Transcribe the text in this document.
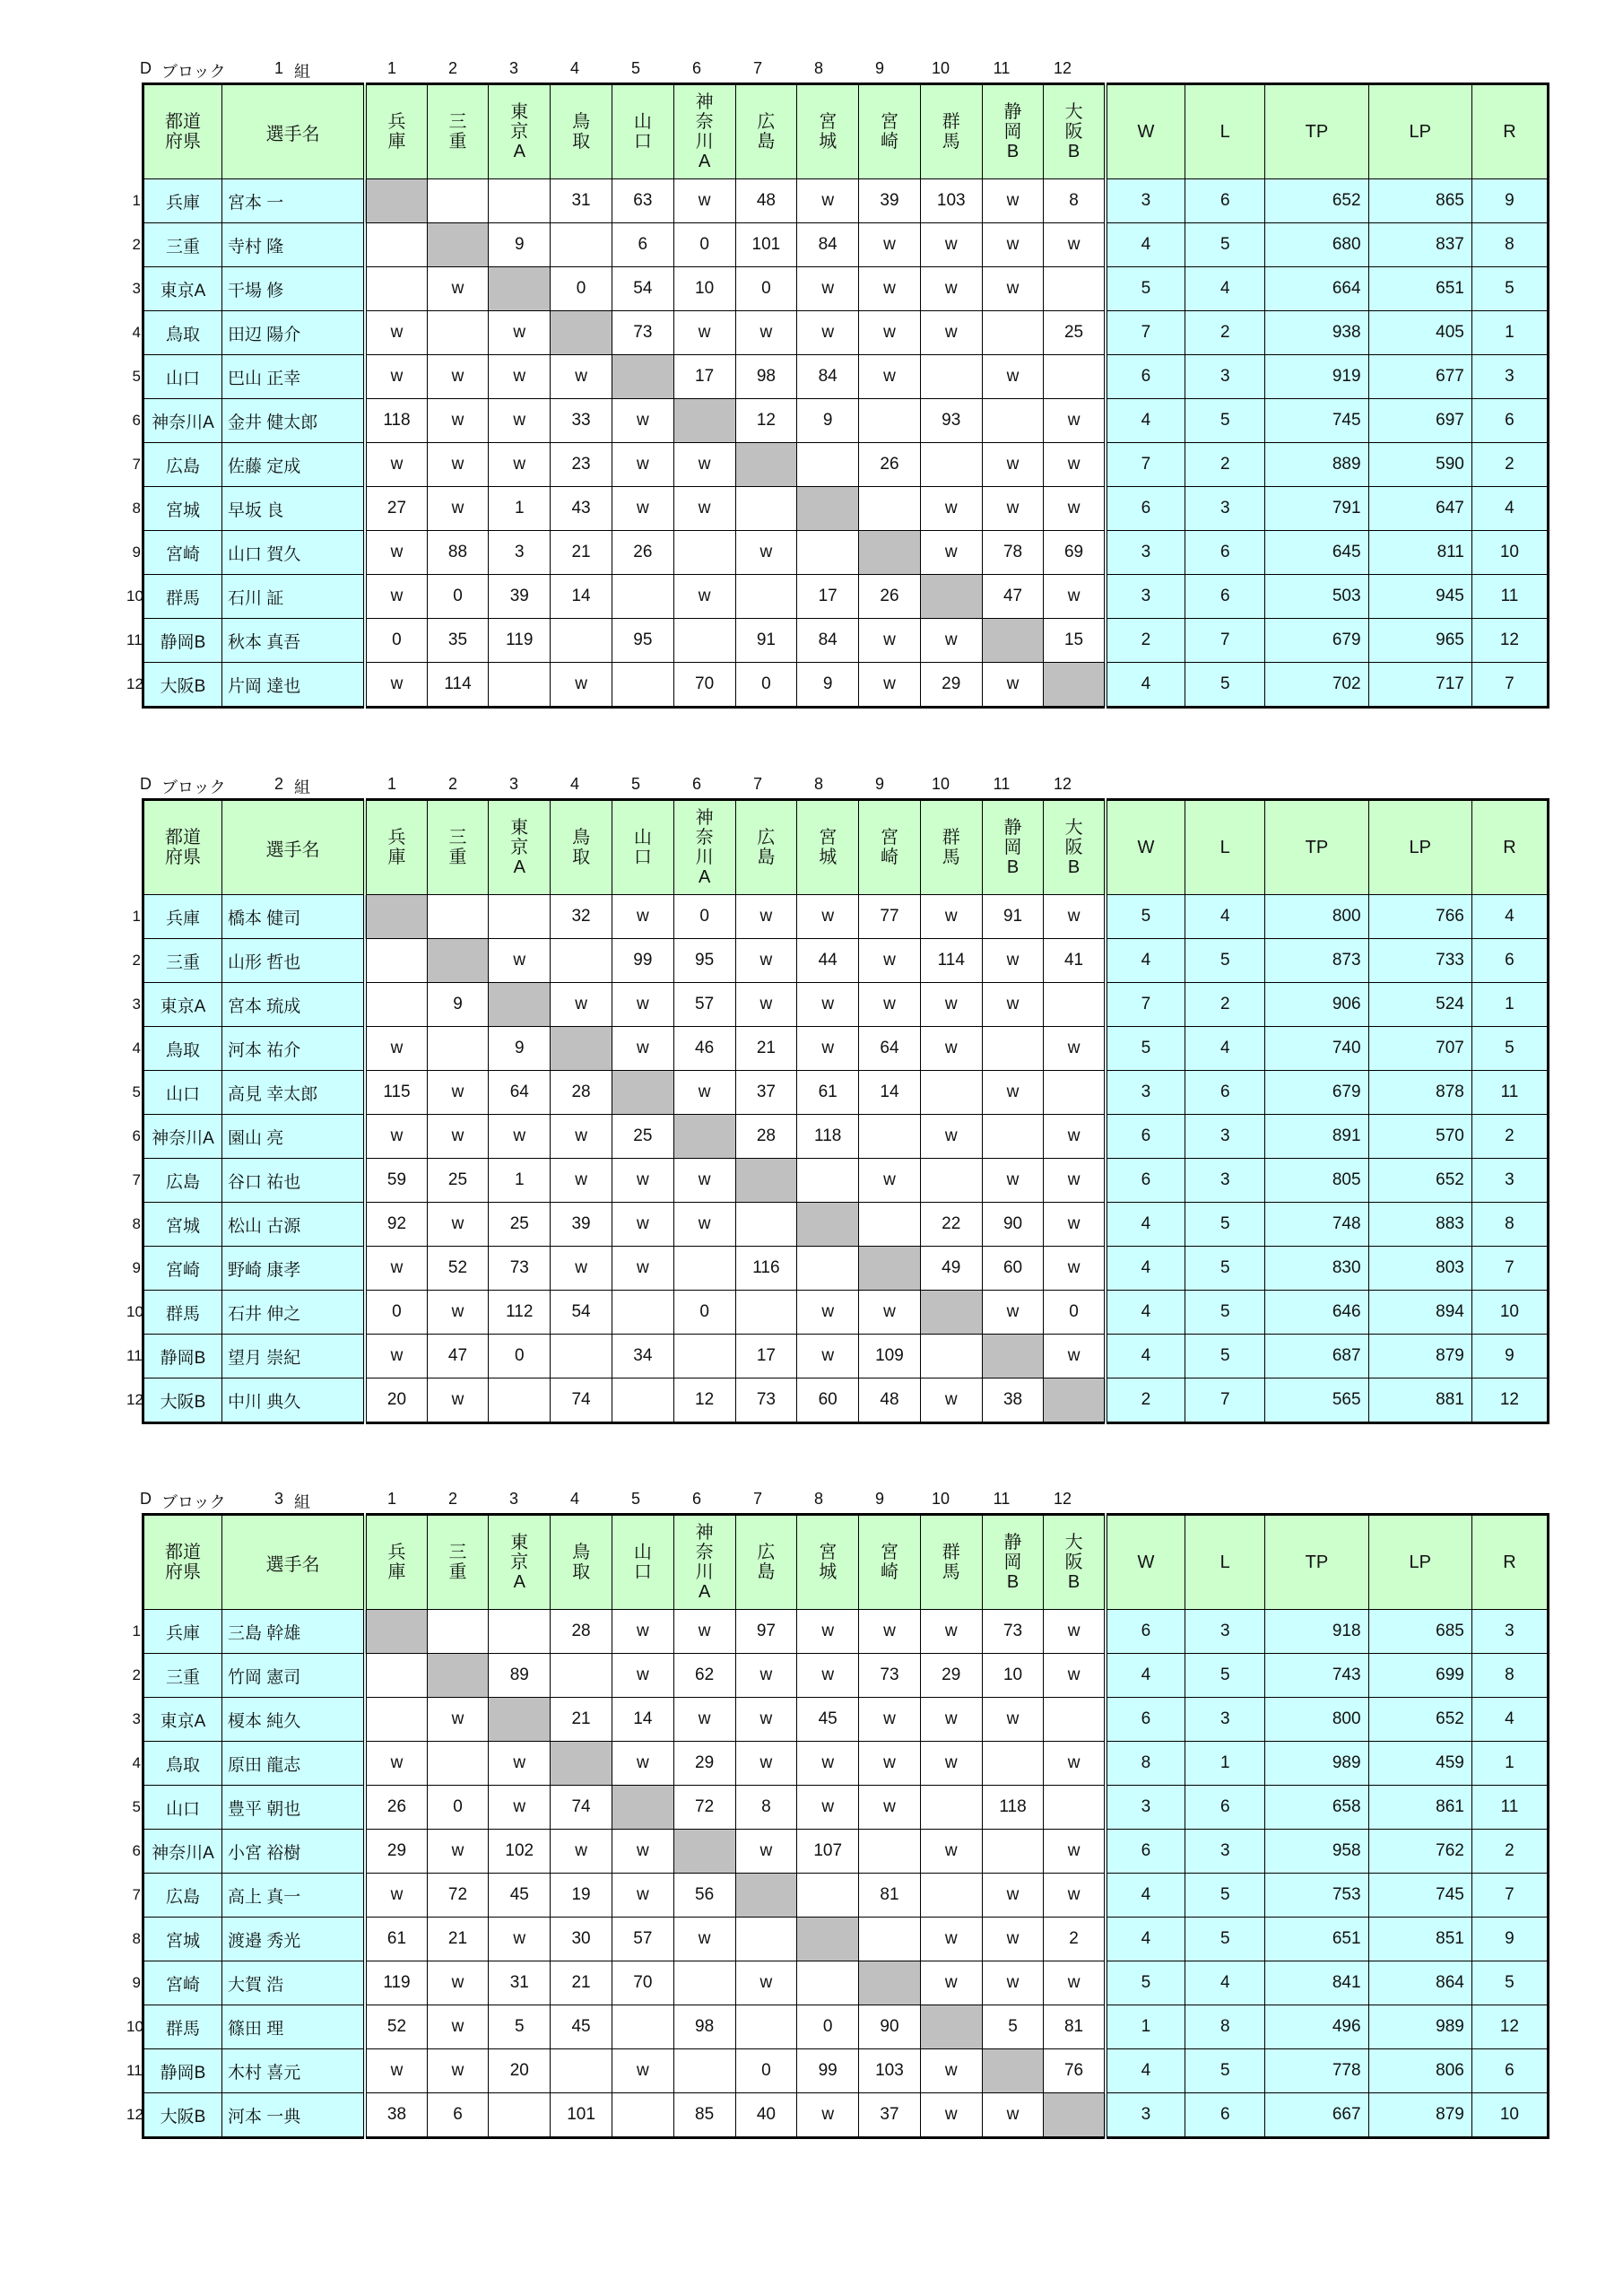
D ブロック	1 組	1	2	3	4	5	6	7	8	9	10	11	12
都道府県	選手名	兵庫	三重	東京A	鳥取	山口	神奈川A	広島	宮城	宮崎	群馬	静岡B	大阪B	W	L	TP	LP	R

1 兵庫	宮本 一				31	63	w	48	w	39	103	w	8	3	6	652	865	9

2 三重	寺村 隆			9		6	0	101	84	w	w	w	w	4	5	680	837	8

3 東京A	干場 修		w		0	54	10	0	w	w	w	w		5	4	664	651	5

4 鳥取	田辺 陽介	w		w		73	w	w	w	w	w		25	7	2	938	405	1

5 山口	巴山 正幸	w	w	w	w		17	98	84	w		w		6	3	919	677	3

6 神奈川A	金井 健太郎	118	w	w	33	w		12	9		93		w	4	5	745	697	6

7 広島	佐藤 定成	w	w	w	23	w	w			26		w	w	7	2	889	590	2

8 宮城	早坂 良	27	w	1	43	w	w				w	w	w	6	3	791	647	4

9 宮崎	山口 賀久	w	88	3	21	26		w			w	78	69	3	6	645	811	10

10 群馬	石川 証	w	0	39	14		w		17	26		47	w	3	6	503	945	11

11 静岡B	秋本 真吾	0	35	119		95		91	84	w	w		15	2	7	679	965	12

12 大阪B	片岡 達也	w	114		w		70	0	9	w	29	w		4	5	702	717	7
D ブロック	2 組	1	2	3	4	5	6	7	8	9	10	11	12
都道府県	選手名	兵庫	三重	東京A	鳥取	山口	神奈川A	広島	宮城	宮崎	群馬	静岡B	大阪B	W	L	TP	LP	R

1 兵庫	橋本 健司				32	w	0	w	w	77	w	91	w	5	4	800	766	4

2 三重	山形 哲也			w		99	95	w	44	w	114	w	41	4	5	873	733	6

3 東京A	宮本 琉成		9		w	w	57	w	w	w	w	w		7	2	906	524	1

4 鳥取	河本 祐介	w		9		w	46	21	w	64	w		w	5	4	740	707	5

5 山口	高見 幸太郎	115	w	64	28		w	37	61	14		w		3	6	679	878	11

6 神奈川A	園山 亮	w	w	w	w	25		28	118		w		w	6	3	891	570	2

7 広島	谷口 祐也	59	25	1	w	w	w			w		w	w	6	3	805	652	3

8 宮城	松山 古源	92	w	25	39	w	w				22	90	w	4	5	748	883	8

9 宮崎	野崎 康孝	w	52	73	w	w		116			49	60	w	4	5	830	803	7

10 群馬	石井 伸之	0	w	112	54		0		w	w		w	0	4	5	646	894	10

11 静岡B	望月 崇紀	w	47	0		34		17	w	109			w	4	5	687	879	9

12 大阪B	中川 典久	20	w		74		12	73	60	48	w	38		2	7	565	881	12
D ブロック	3 組	1	2	3	4	5	6	7	8	9	10	11	12
都道府県	選手名	兵庫	三重	東京A	鳥取	山口	神奈川A	広島	宮城	宮崎	群馬	静岡B	大阪B	W	L	TP	LP	R

1 兵庫	三島 幹雄				28	w	w	97	w	w	w	73	w	6	3	918	685	3

2 三重	竹岡 憲司			89		w	62	w	w	73	29	10	w	4	5	743	699	8

3 東京A	榎本 純久		w		21	14	w	w	45	w	w	w		6	3	800	652	4

4 鳥取	原田 龍志	w		w		w	29	w	w	w	w		w	8	1	989	459	1

5 山口	豊平 朝也	26	0	w	74		72	8	w	w		118		3	6	658	861	11

6 神奈川A	小宮 裕樹	29	w	102	w	w		w	107		w		w	6	3	958	762	2

7 広島	高上 真一	w	72	45	19	w	56			81		w	w	4	5	753	745	7

8 宮城	渡邉 秀光	61	21	w	30	57	w				w	w	2	4	5	651	851	9

9 宮崎	大賀 浩	119	w	31	21	70		w			w	w	w	5	4	841	864	5

10 群馬	篠田 理	52	w	5	45		98		0	90		5	81	1	8	496	989	12

11 静岡B	木村 喜元	w	w	20		w		0	99	103	w		76	4	5	778	806	6

12 大阪B	河本 一典	38	6		101		85	40	w	37	w	w		3	6	667	879	10
